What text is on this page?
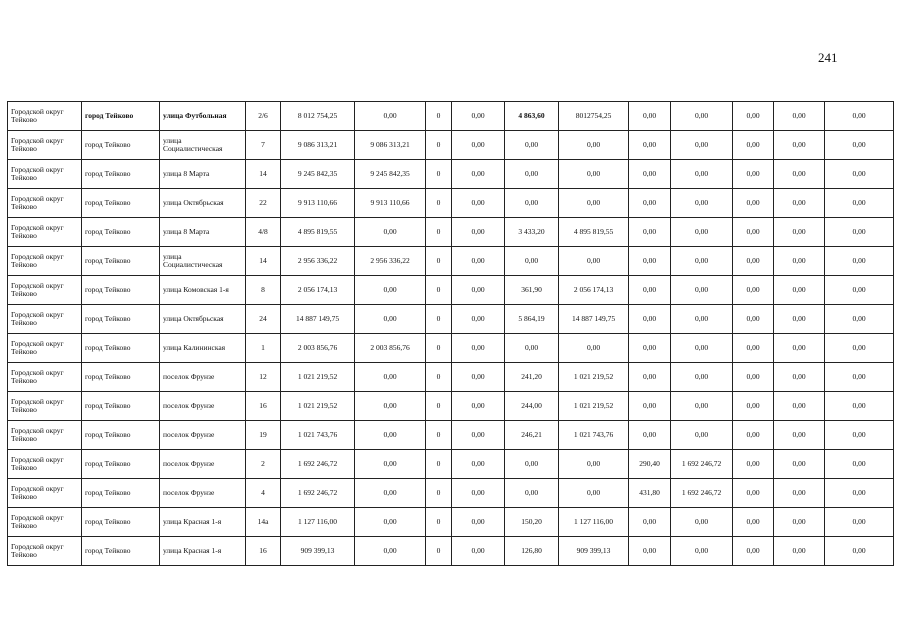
241
Городской округ Тейково	город Тейково	улица Футбольная	2/6	8 012 754,25	0,00	0	0,00	4 863,60	8012754,25	0,00	0,00	0,00	0,00	0,00
Городской округ Тейково	город Тейково	улица Социалистическая	7	9 086 313,21	9 086 313,21	0	0,00	0,00	0,00	0,00	0,00	0,00	0,00	0,00
Городской округ Тейково	город Тейково	улица 8 Марта	14	9 245 842,35	9 245 842,35	0	0,00	0,00	0,00	0,00	0,00	0,00	0,00	0,00
Городской округ Тейково	город Тейково	улица Октябрьская	22	9 913 110,66	9 913 110,66	0	0,00	0,00	0,00	0,00	0,00	0,00	0,00	0,00
Городской округ Тейково	город Тейково	улица 8 Марта	4/8	4 895 819,55	0,00	0	0,00	3 433,20	4 895 819,55	0,00	0,00	0,00	0,00	0,00
Городской округ Тейково	город Тейково	улица Социалистическая	14	2 956 336,22	2 956 336,22	0	0,00	0,00	0,00	0,00	0,00	0,00	0,00	0,00
Городской округ Тейково	город Тейково	улица Комовская 1-я	8	2 056 174,13	0,00	0	0,00	361,90	2 056 174,13	0,00	0,00	0,00	0,00	0,00
Городской округ Тейково	город Тейково	улица Октябрьская	24	14 887 149,75	0,00	0	0,00	5 864,19	14 887 149,75	0,00	0,00	0,00	0,00	0,00
Городской округ Тейково	город Тейково	улица Калининская	1	2 003 856,76	2 003 856,76	0	0,00	0,00	0,00	0,00	0,00	0,00	0,00	0,00
Городской округ Тейково	город Тейково	поселок Фрунзе	12	1 021 219,52	0,00	0	0,00	241,20	1 021 219,52	0,00	0,00	0,00	0,00	0,00
Городской округ Тейково	город Тейково	поселок Фрунзе	16	1 021 219,52	0,00	0	0,00	244,00	1 021 219,52	0,00	0,00	0,00	0,00	0,00
Городской округ Тейково	город Тейково	поселок Фрунзе	19	1 021 743,76	0,00	0	0,00	246,21	1 021 743,76	0,00	0,00	0,00	0,00	0,00
Городской округ Тейково	город Тейково	поселок Фрунзе	2	1 692 246,72	0,00	0	0,00	0,00	0,00	290,40	1 692 246,72	0,00	0,00	0,00
Городской округ Тейково	город Тейково	поселок Фрунзе	4	1 692 246,72	0,00	0	0,00	0,00	0,00	431,80	1 692 246,72	0,00	0,00	0,00
Городской округ Тейково	город Тейково	улица Красная 1-я	14а	1 127 116,00	0,00	0	0,00	150,20	1 127 116,00	0,00	0,00	0,00	0,00	0,00
Городской округ Тейково	город Тейково	улица Красная 1-я	16	909 399,13	0,00	0	0,00	126,80	909 399,13	0,00	0,00	0,00	0,00	0,00
